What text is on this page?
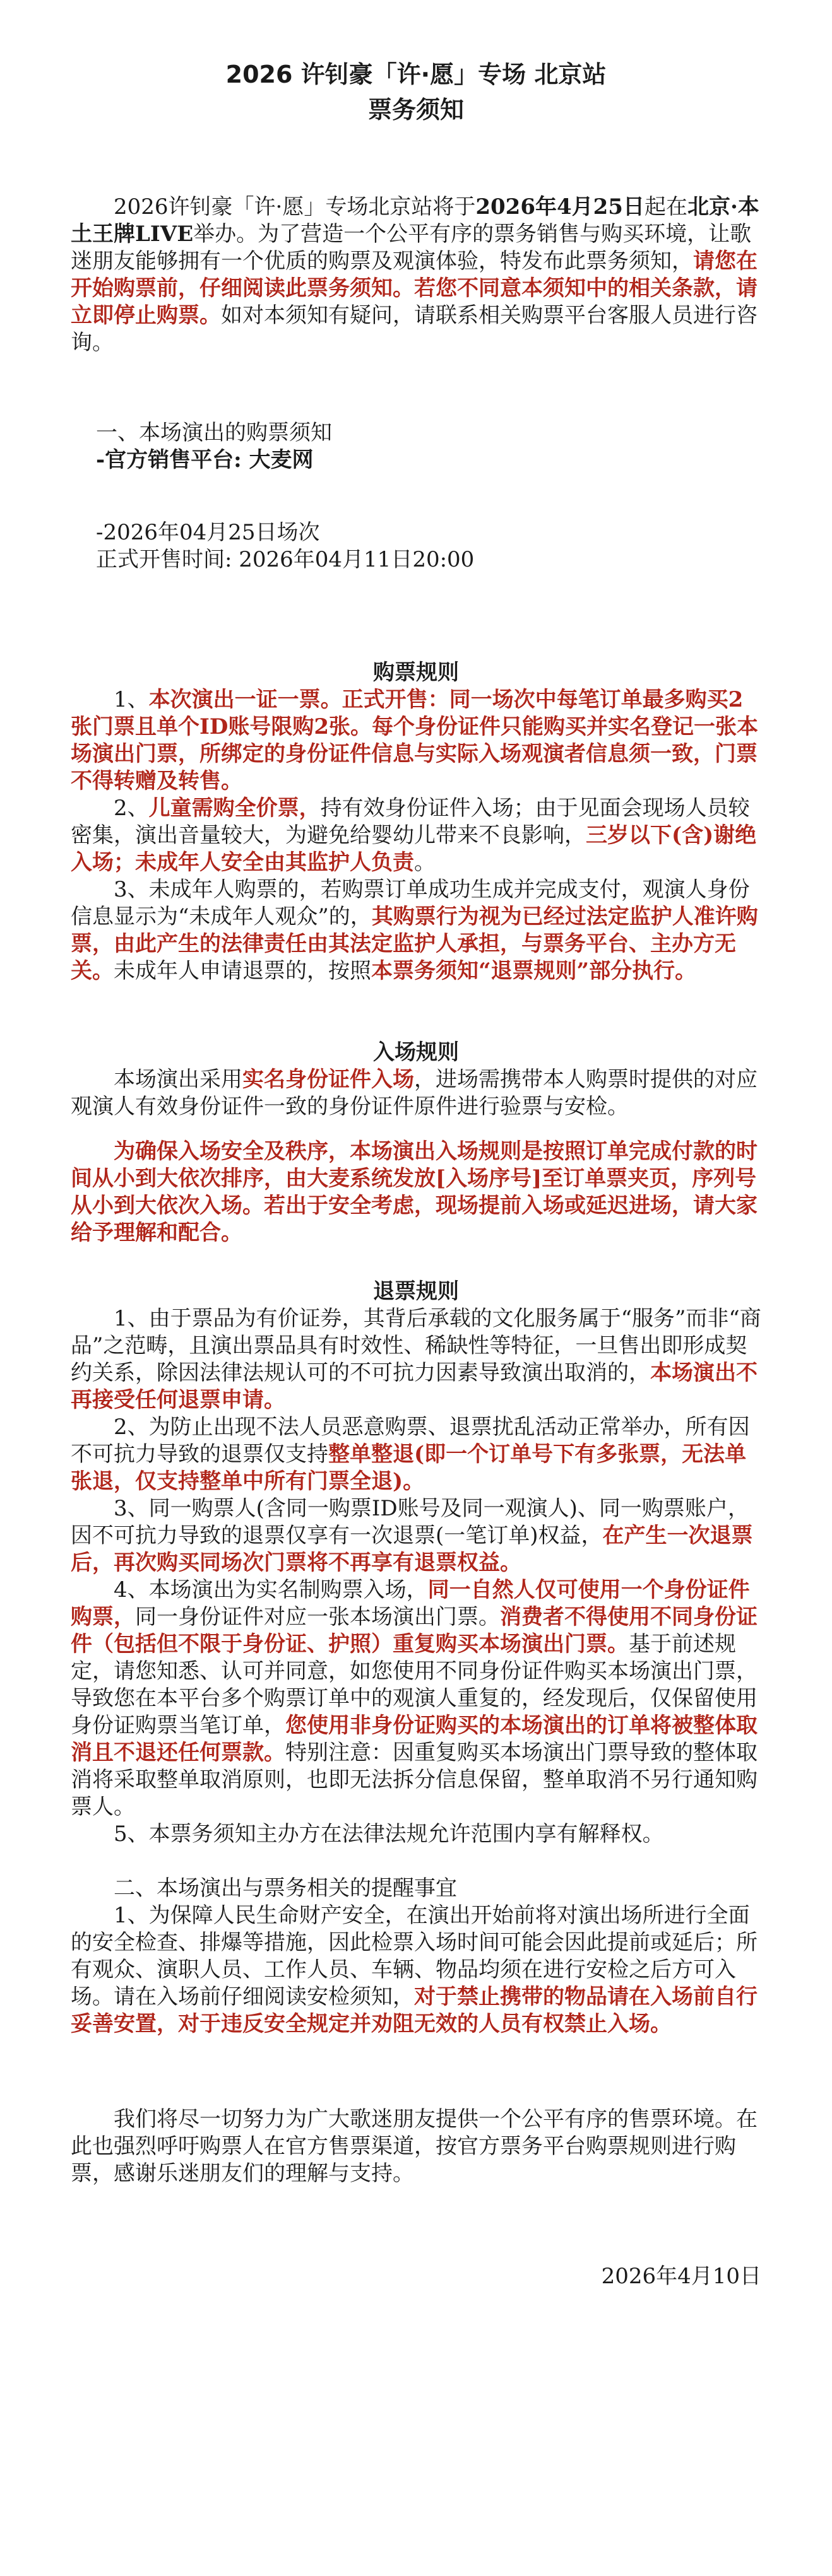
2026 许钊豪「许·愿」专场 北京站
票务须知

2026许钊豪「许·愿」专场北京站将于2026年4月25日起在北京·本土王牌LIVE举办。为了营造一个公平有序的票务销售与购买环境，让歌迷朋友能够拥有一个优质的购票及观演体验，特发布此票务须知，请您在开始购票前，仔细阅读此票务须知。若您不同意本须知中的相关条款，请立即停止购票。如对本须知有疑问，请联系相关购票平台客服人员进行咨询。

一、本场演出的购票须知

-官方销售平台: 大麦网

-2026年04月25日场次

正式开售时间: 2026年04月11日20:00

购票规则

1、本次演出一证一票。正式开售：同一场次中每笔订单最多购买2张门票且单个ID账号限购2张。每个身份证件只能购买并实名登记一张本场演出门票，所绑定的身份证件信息与实际入场观演者信息须一致，门票不得转赠及转售。

2、儿童需购全价票，持有效身份证件入场；由于见面会现场人员较密集，演出音量较大，为避免给婴幼儿带来不良影响，三岁以下(含)谢绝入场；未成年人安全由其监护人负责。

3、未成年人购票的，若购票订单成功生成并完成支付，观演人身份信息显示为“未成年人观众”的，其购票行为视为已经过法定监护人准许购票，由此产生的法律责任由其法定监护人承担，与票务平台、主办方无关。未成年人申请退票的，按照本票务须知“退票规则”部分执行。

入场规则

本场演出采用实名身份证件入场，进场需携带本人购票时提供的对应观演人有效身份证件一致的身份证件原件进行验票与安检。

为确保入场安全及秩序，本场演出入场规则是按照订单完成付款的时间从小到大依次排序，由大麦系统发放[入场序号]至订单票夹页，序列号从小到大依次入场。若出于安全考虑，现场提前入场或延迟进场，请大家给予理解和配合。

退票规则

1、由于票品为有价证券，其背后承载的文化服务属于“服务”而非“商品”之范畴，且演出票品具有时效性、稀缺性等特征，一旦售出即形成契约关系，除因法律法规认可的不可抗力因素导致演出取消的，本场演出不再接受任何退票申请。

2、为防止出现不法人员恶意购票、退票扰乱活动正常举办，所有因不可抗力导致的退票仅支持整单整退(即一个订单号下有多张票，无法单张退，仅支持整单中所有门票全退)。

3、同一购票人(含同一购票ID账号及同一观演人)、同一购票账户，因不可抗力导致的退票仅享有一次退票(一笔订单)权益，在产生一次退票后，再次购买同场次门票将不再享有退票权益。

4、本场演出为实名制购票入场，同一自然人仅可使用一个身份证件购票，同一身份证件对应一张本场演出门票。消费者不得使用不同身份证件（包括但不限于身份证、护照）重复购买本场演出门票。基于前述规定，请您知悉、认可并同意，如您使用不同身份证件购买本场演出门票，导致您在本平台多个购票订单中的观演人重复的，经发现后，仅保留使用身份证购票当笔订单，您使用非身份证购买的本场演出的订单将被整体取消且不退还任何票款。特别注意：因重复购买本场演出门票导致的整体取消将采取整单取消原则，也即无法拆分信息保留，整单取消不另行通知购票人。

5、本票务须知主办方在法律法规允许范围内享有解释权。

二、本场演出与票务相关的提醒事宜

1、为保障人民生命财产安全，在演出开始前将对演出场所进行全面的安全检查、排爆等措施，因此检票入场时间可能会因此提前或延后；所有观众、演职人员、工作人员、车辆、物品均须在进行安检之后方可入场。请在入场前仔细阅读安检须知，对于禁止携带的物品请在入场前自行妥善安置，对于违反安全规定并劝阻无效的人员有权禁止入场。

我们将尽一切努力为广大歌迷朋友提供一个公平有序的售票环境。在此也强烈呼吁购票人在官方售票渠道，按官方票务平台购票规则进行购票，感谢乐迷朋友们的理解与支持。

2026年4月10日
